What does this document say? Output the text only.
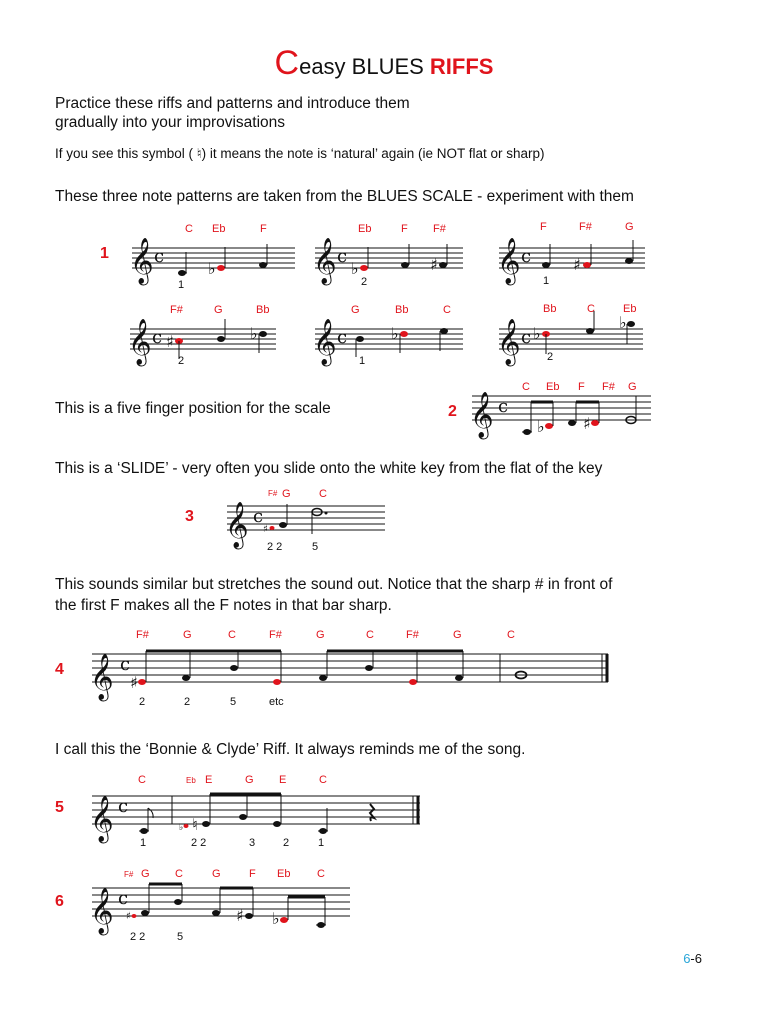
Ceasy BLUES RIFFS
Practice these riffs and patterns and introduce them
gradually into your improvisations
If you see this symbol ( ♮) it means the note is ‘natural’ again (ie NOT flat or sharp)
These three note patterns are taken from the BLUES SCALE - experiment with them
1
C Eb	F
𝄞 c
♭
1
Eb	F F#
𝄞 c
♭	♯
2
F	F#	G
𝄞 c	♯
1
F#	G	Bb
𝄞 c ♯	♭
2
G	Bb	C
𝄞 c	♭
1
Bb	C	Eb
𝄞 c ♭
♭
2
This is a five finger position for the scale	2
C Eb F F# G
𝄞 c
♭ ♯
This is a ‘SLIDE’ - very often you slide onto the white key from the flat of the key
3
F# G	C
𝄞 c
♯
2 2	5
This sounds similar but stretches the sound out. Notice that the sharp # in front of
the first F makes all the F notes in that bar sharp.
4
F#	G	C	F#	G	C	F#	G	C
𝄞 c
♯
2	2	5	etc
I call this the ‘Bonnie & Clyde’ Riff. It always reminds me of the song.
5
C	Eb E	G E	C
𝄞 c
♭ ♮
1	2 2	3	2	1
6
F# G C	G	F Eb C
𝄞 c
♯	♯ ♭
2 2	5
6-6
